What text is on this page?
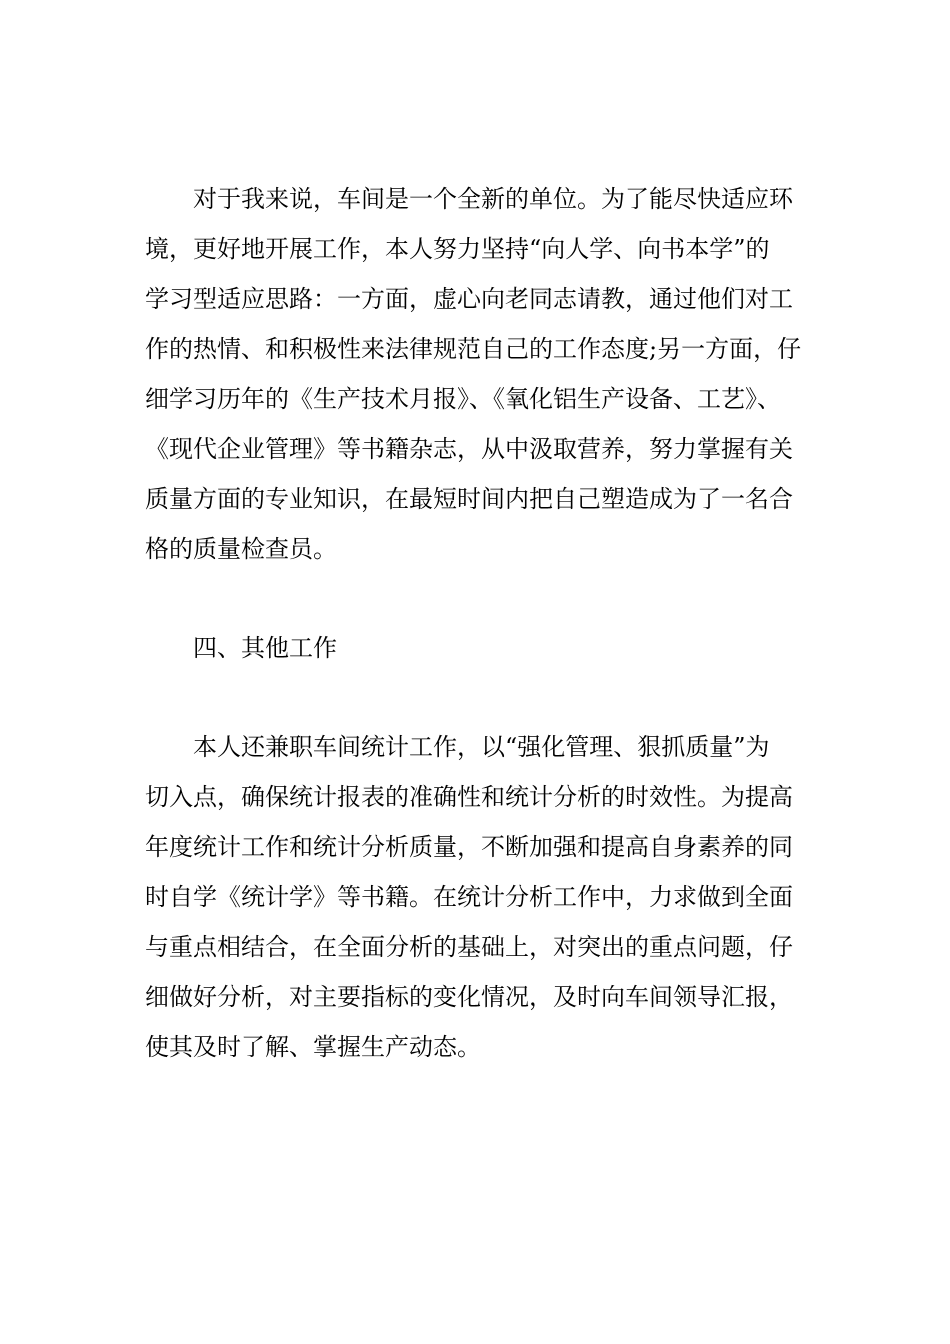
对于我来说，车间是一个全新的单位。为了能尽快适应环
境，更好地开展工作，本人努力坚持“向人学、向书本学”的
学习型适应思路：一方面，虚心向老同志请教，通过他们对工
作的热情、和积极性来法律规范自己的工作态度;另一方面，仔
细学习历年的《生产技术月报》、《氧化铝生产设备、工艺》、
《现代企业管理》等书籍杂志，从中汲取营养，努力掌握有关
质量方面的专业知识，在最短时间内把自己塑造成为了一名合
格的质量检查员。
四、其他工作
本人还兼职车间统计工作，以“强化管理、狠抓质量”为
切入点，确保统计报表的准确性和统计分析的时效性。为提高
年度统计工作和统计分析质量，不断加强和提高自身素养的同
时自学《统计学》等书籍。在统计分析工作中，力求做到全面
与重点相结合，在全面分析的基础上，对突出的重点问题，仔
细做好分析，对主要指标的变化情况，及时向车间领导汇报，
使其及时了解、掌握生产动态。
